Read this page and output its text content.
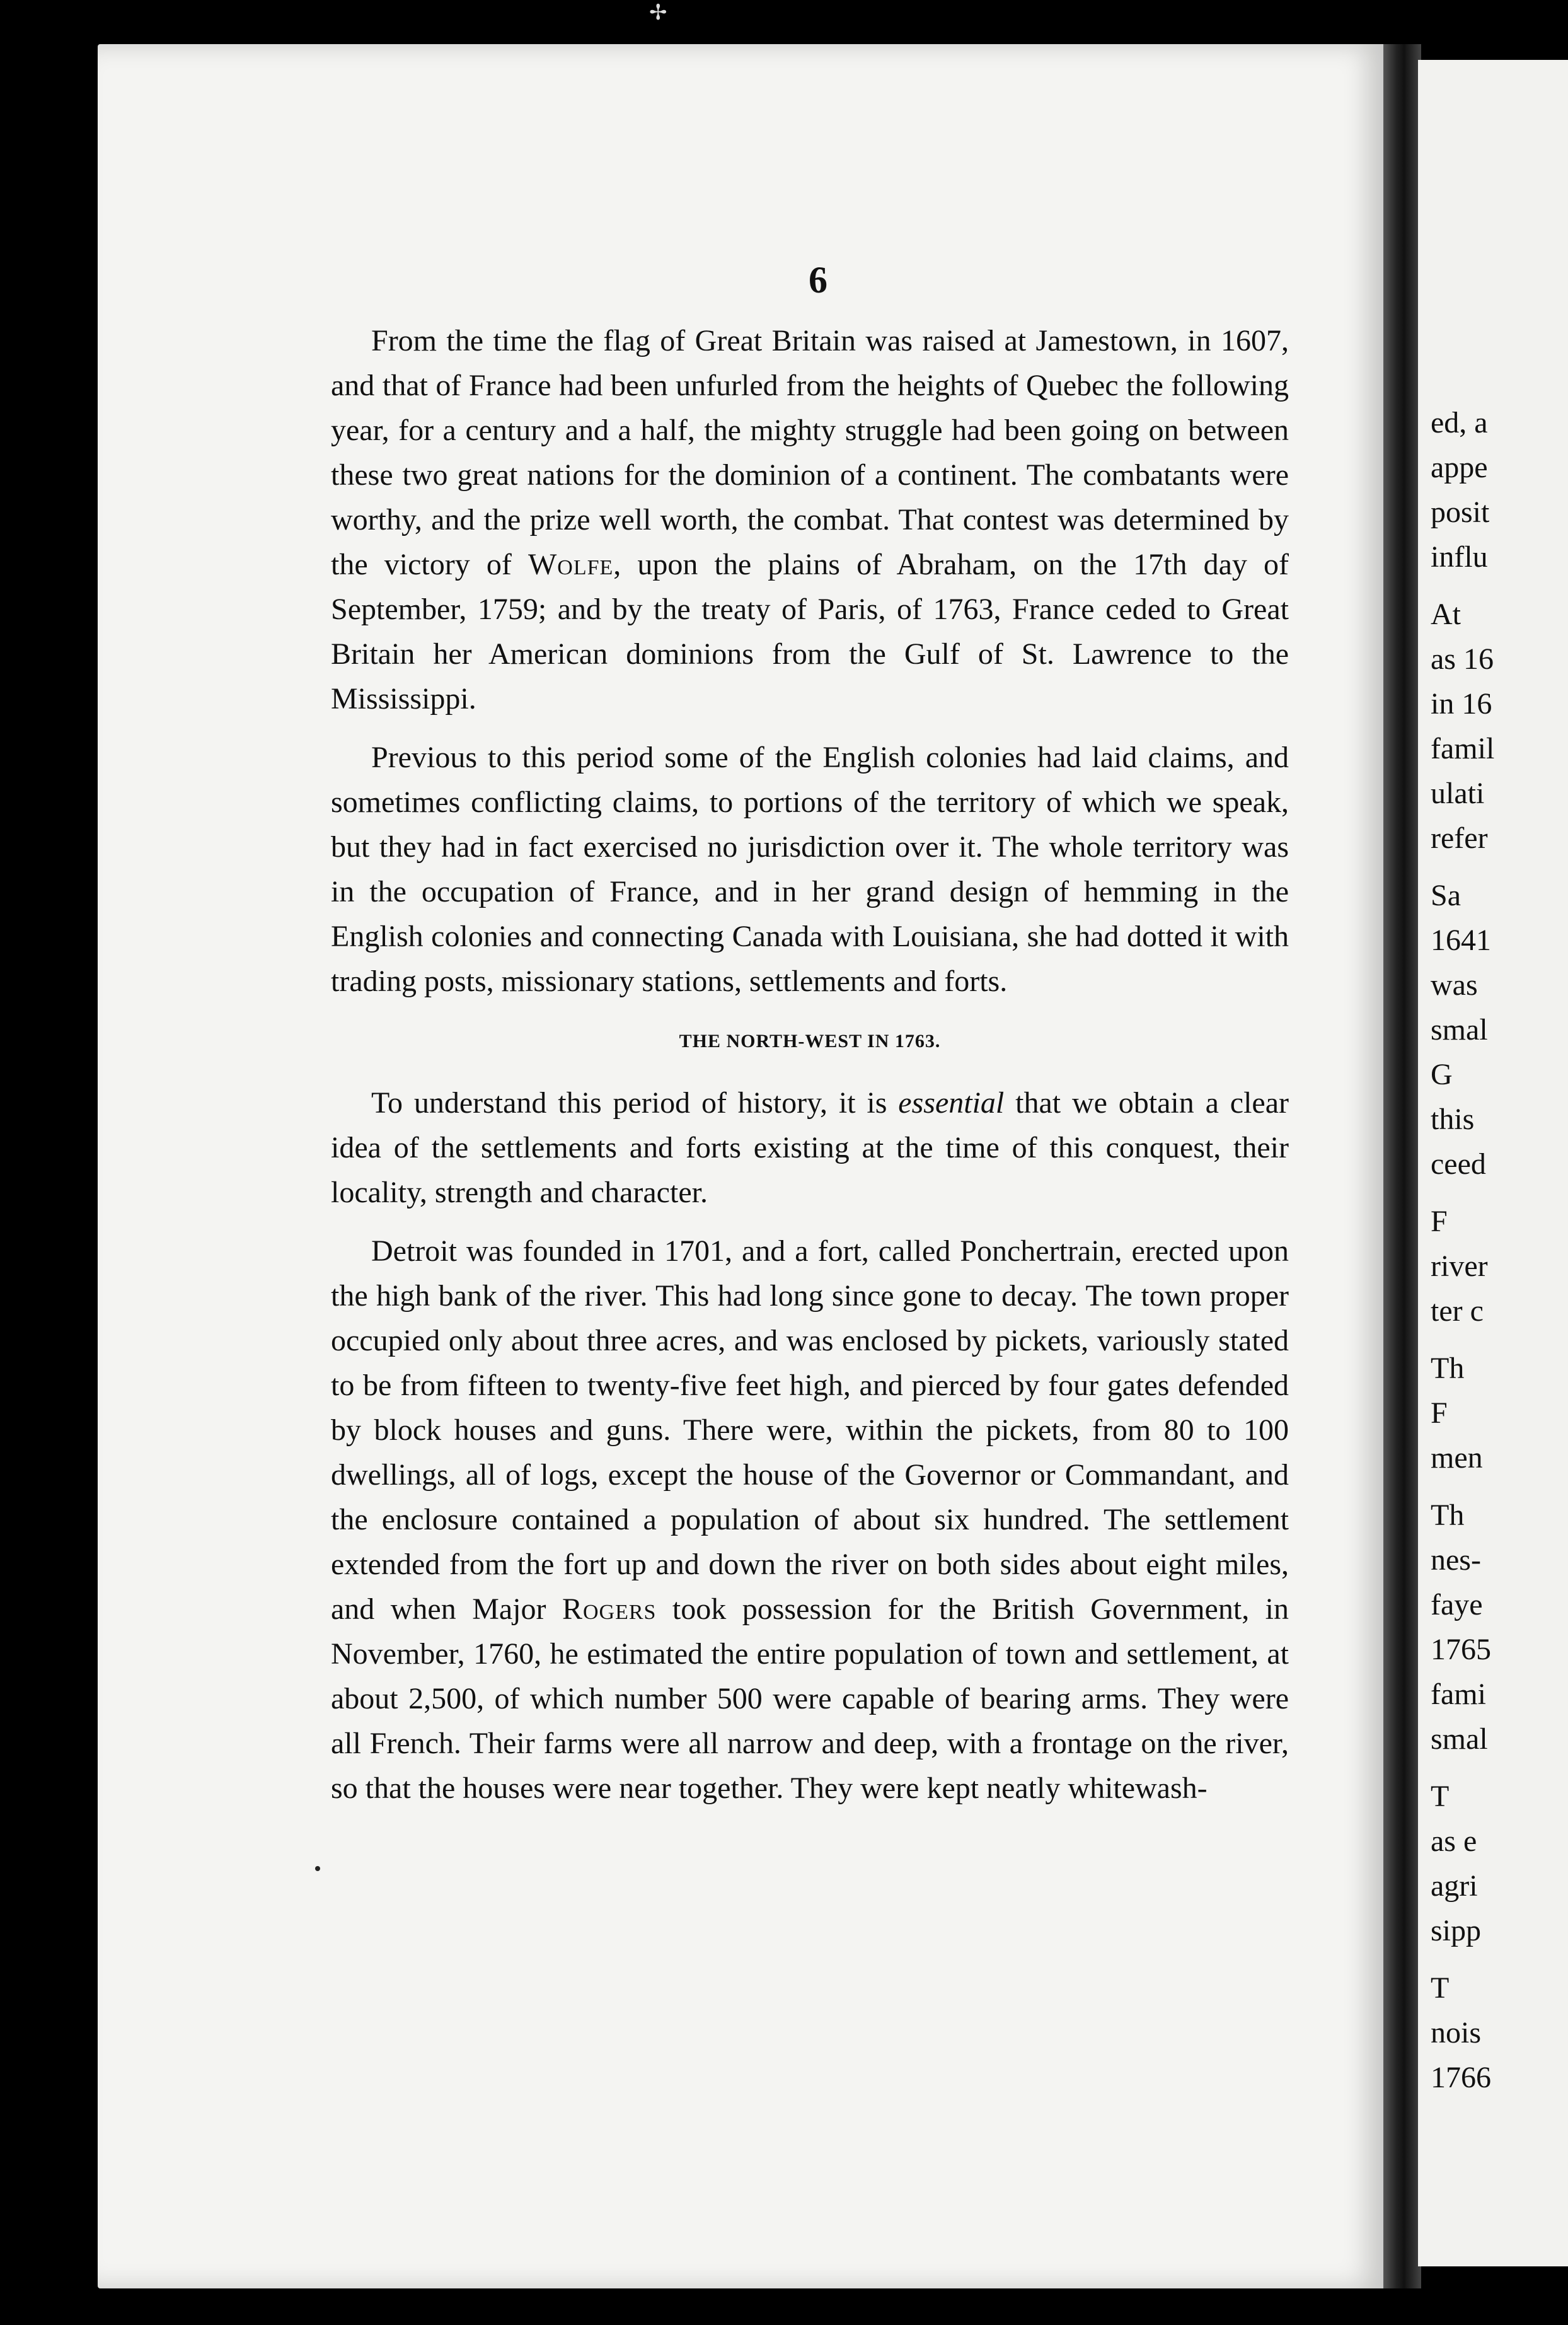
✢
ed, a
appe
posit
influ
At
as 16
in 16
famil
ulati
refer
Sa
1641
was
smal
G
this
ceed
F
river
ter c
Th
F
men
Th
nes-
faye
1765
fami
smal
T
as e
agri
sipp
T
nois
1766
6

From the time the flag of Great Britain was raised at Jamestown, in 1607, and that of France had been unfurled from the heights of Quebec the following year, for a century and a half, the mighty struggle had been going on between these two great nations for the dominion of a continent. The combatants were worthy, and the prize well worth, the combat. That contest was determined by the victory of Wolfe, upon the plains of Abraham, on the 17th day of September, 1759; and by the treaty of Paris, of 1763, France ceded to Great Britain her American dominions from the Gulf of St. Lawrence to the Mississippi.

Previous to this period some of the English colonies had laid claims, and sometimes conflicting claims, to portions of the territory of which we speak, but they had in fact exercised no jurisdiction over it. The whole territory was in the occupation of France, and in her grand design of hemming in the English colonies and connecting Canada with Louisiana, she had dotted it with trading posts, missionary stations, settlements and forts.

THE NORTH-WEST IN 1763.

To understand this period of history, it is essential that we obtain a clear idea of the settlements and forts existing at the time of this conquest, their locality, strength and character.

Detroit was founded in 1701, and a fort, called Ponchertrain, erected upon the high bank of the river. This had long since gone to decay. The town proper occupied only about three acres, and was enclosed by pickets, variously stated to be from fifteen to twenty-five feet high, and pierced by four gates defended by block houses and guns. There were, within the pickets, from 80 to 100 dwellings, all of logs, except the house of the Governor or Commandant, and the enclosure contained a population of about six hundred. The settlement extended from the fort up and down the river on both sides about eight miles, and when Major Rogers took possession for the British Government, in November, 1760, he estimated the entire population of town and settlement, at about 2,500, of which number 500 were capable of bearing arms. They were all French. Their farms were all narrow and deep, with a frontage on the river, so that the houses were near together. They were kept neatly whitewash-
